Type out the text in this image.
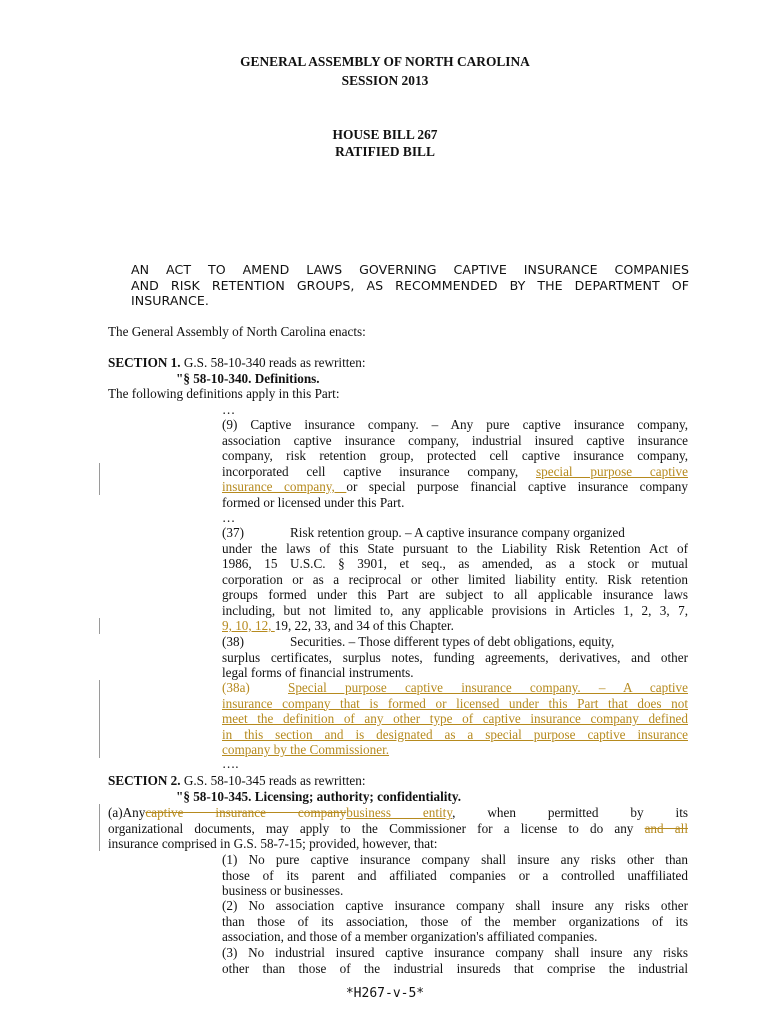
GENERAL ASSEMBLY OF NORTH CAROLINA
SESSION 2013
HOUSE BILL 267
RATIFIED BILL
AN ACT TO AMEND LAWS GOVERNING CAPTIVE INSURANCE COMPANIES
AND RISK RETENTION GROUPS, AS RECOMMENDED BY THE DEPARTMENT OF
INSURANCE.
The General Assembly of North Carolina enacts:
SECTION 1. G.S. 58-10-340 reads as rewritten:
"§ 58-10-340. Definitions.
The following definitions apply in this Part:
…
(9) Captive insurance company. – Any pure captive insurance company,
association captive insurance company, industrial insured captive insurance
company, risk retention group, protected cell captive insurance company,
incorporated cell captive insurance company, special purpose captive
insurance company, or special purpose financial captive insurance company
formed or licensed under this Part.
…
(37)	Risk retention group. – A captive insurance company organized
under the laws of this State pursuant to the Liability Risk Retention Act of
1986, 15 U.S.C. § 3901, et seq., as amended, as a stock or mutual
corporation or as a reciprocal or other limited liability entity. Risk retention
groups formed under this Part are subject to all applicable insurance laws
including, but not limited to, any applicable provisions in Articles 1, 2, 3, 7,
9, 10, 12, 19, 22, 33, and 34 of this Chapter.
(38)	Securities. – Those different types of debt obligations, equity,
surplus certificates, surplus notes, funding agreements, derivatives, and other
legal forms of financial instruments.
(38a)	Special purpose captive insurance company. – A captive
insurance company that is formed or licensed under this Part that does not
meet the definition of any other type of captive insurance company defined
in this section and is designated as a special purpose captive insurance
company by the Commissioner.
….
SECTION 2. G.S. 58-10-345 reads as rewritten:
"§ 58-10-345. Licensing; authority; confidentiality.
(a)Anycaptive insurance companybusiness entity, when permitted by its
organizational documents, may apply to the Commissioner for a license to do any and all
insurance comprised in G.S. 58-7-15; provided, however, that:
(1) No pure captive insurance company shall insure any risks other than
those of its parent and affiliated companies or a controlled unaffiliated
business or businesses.
(2) No association captive insurance company shall insure any risks other
than those of its association, those of the member organizations of its
association, and those of a member organization's affiliated companies.
(3) No industrial insured captive insurance company shall insure any risks
other than those of the industrial insureds that comprise the industrial
*H267-v-5*
